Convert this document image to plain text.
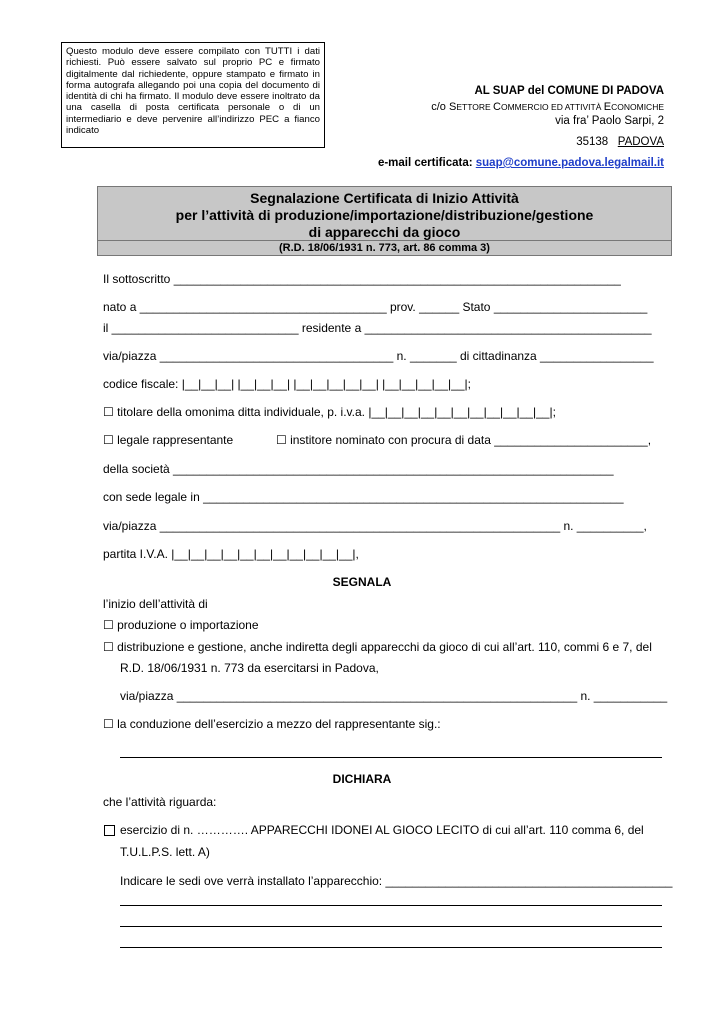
Questo modulo deve essere compilato con TUTTI i dati richiesti. Può essere salvato sul proprio PC e firmato digitalmente dal richiedente, oppure stampato e firmato in forma autografa allegando poi una copia del documento di identità di chi ha firmato. Il modulo deve essere inoltrato da una casella di posta certificata personale o di un intermediario e deve pervenire all’indirizzo PEC a fianco indicato
AL SUAP del COMUNE DI PADOVA
c/o SETTORE COMMERCIO ED ATTIVITÀ ECONOMICHE
via fra’ Paolo Sarpi, 2
35138 PADOVA
e-mail certificata: suap@comune.padova.legalmail.it
Segnalazione Certificata di Inizio Attività
per l’attività di produzione/importazione/distribuzione/gestione
di apparecchi da gioco
(R.D. 18/06/1931 n. 773, art. 86 comma 3)
Il sottoscritto ___________________________________________________________________
nato a _____________________________________ prov. ______ Stato _______________________
il ____________________________ residente a ___________________________________________
via/piazza ___________________________________ n. _______ di cittadinanza _________________
codice fiscale: |__|__|__| |__|__|__| |__|__|__|__|__| |__|__|__|__|__|;
☐ titolare della omonima ditta individuale, p. i.v.a. |__|__|__|__|__|__|__|__|__|__|__|;
☐ legale rappresentante	☐ institore nominato con procura di data _______________________,
della società __________________________________________________________________
con sede legale in _______________________________________________________________
via/piazza ____________________________________________________________ n. __________,
partita I.V.A. |__|__|__|__|__|__|__|__|__|__|__|,
SEGNALA
l’inizio dell’attività di
☐ produzione o importazione
☐ distribuzione e gestione, anche indiretta degli apparecchi da gioco di cui all’art. 110, commi 6 e 7, del
R.D. 18/06/1931 n. 773 da esercitarsi in Padova,
via/piazza ____________________________________________________________ n. ___________
☐ la conduzione dell’esercizio a mezzo del rappresentante sig.:
DICHIARA
che l’attività riguarda:
esercizio di n. …………. APPARECCHI IDONEI AL GIOCO LECITO di cui all’art. 110 comma 6, del
T.U.L.P.S. lett. A)
Indicare le sedi ove verrà installato l’apparecchio: ___________________________________________
